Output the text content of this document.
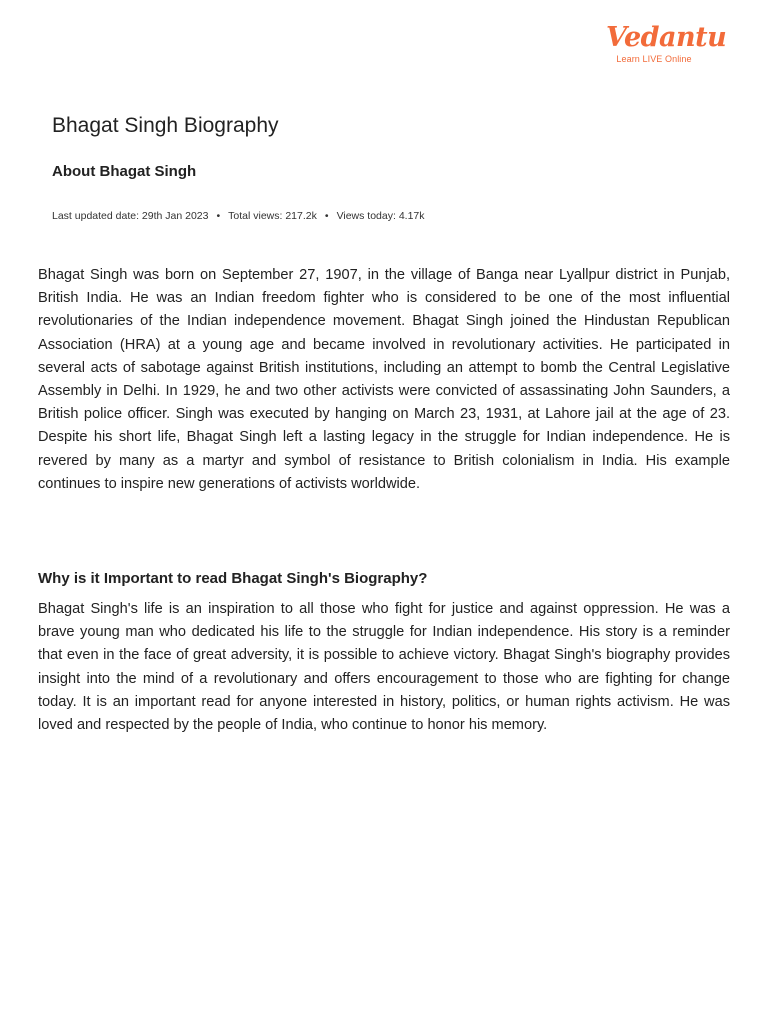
Vedantu
Learn LIVE Online
Bhagat Singh Biography
About Bhagat Singh
Last updated date: 29th Jan 2023 • Total views: 217.2k • Views today: 4.17k

Bhagat Singh was born on September 27, 1907, in the village of Banga near Lyallpur district in Punjab, British India. He was an Indian freedom fighter who is considered to be one of the most influential revolutionaries of the Indian independence movement. Bhagat Singh joined the Hindustan Republican Association (HRA) at a young age and became involved in revolutionary activities. He participated in several acts of sabotage against British institutions, including an attempt to bomb the Central Legislative Assembly in Delhi. In 1929, he and two other activists were convicted of assassinating John Saunders, a British police officer. Singh was executed by hanging on March 23, 1931, at Lahore jail at the age of 23. Despite his short life, Bhagat Singh left a lasting legacy in the struggle for Indian independence. He is revered by many as a martyr and symbol of resistance to British colonialism in India. His example continues to inspire new generations of activists worldwide.

Why is it Important to read Bhagat Singh's Biography?

Bhagat Singh's life is an inspiration to all those who fight for justice and against oppression. He was a brave young man who dedicated his life to the struggle for Indian independence. His story is a reminder that even in the face of great adversity, it is possible to achieve victory. Bhagat Singh's biography provides insight into the mind of a revolutionary and offers encouragement to those who are fighting for change today. It is an important read for anyone interested in history, politics, or human rights activism. He was loved and respected by the people of India, who continue to honor his memory.
